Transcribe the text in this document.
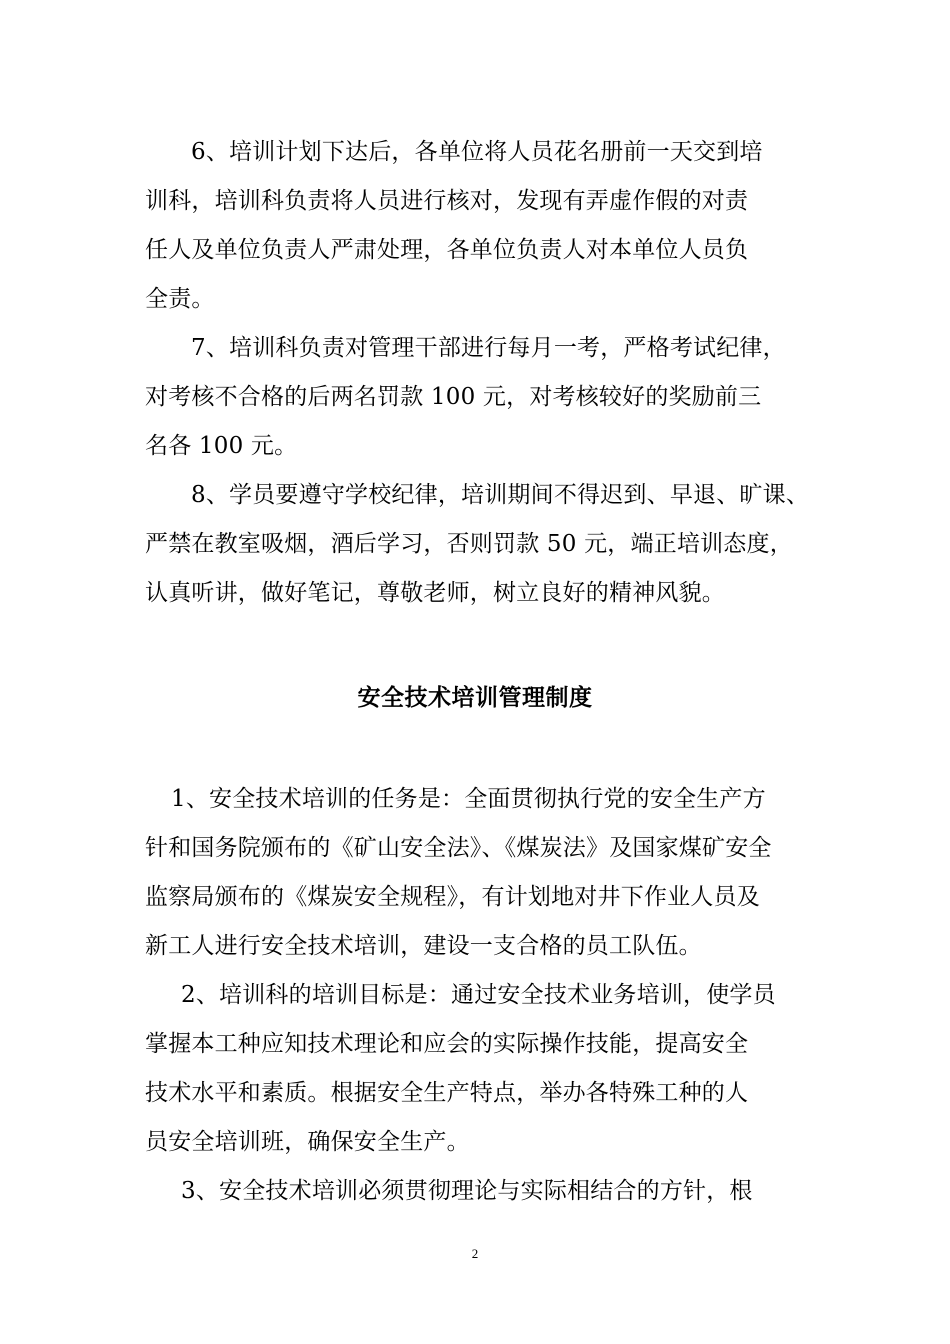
6、培训计划下达后，各单位将人员花名册前一天交到培
训科，培训科负责将人员进行核对，发现有弄虚作假的对责
任人及单位负责人严肃处理，各单位负责人对本单位人员负
全责。

7、培训科负责对管理干部进行每月一考，严格考试纪律，
对考核不合格的后两名罚款 100 元，对考核较好的奖励前三
名各 100 元。

8、学员要遵守学校纪律，培训期间不得迟到、早退、旷课、
严禁在教室吸烟，酒后学习，否则罚款 50 元，端正培训态度，
认真听讲，做好笔记，尊敬老师，树立良好的精神风貌。

安全技术培训管理制度

1、安全技术培训的任务是：全面贯彻执行党的安全生产方
针和国务院颁布的《矿山安全法》、《煤炭法》及国家煤矿安全
监察局颁布的《煤炭安全规程》，有计划地对井下作业人员及
新工人进行安全技术培训，建设一支合格的员工队伍。

2、培训科的培训目标是：通过安全技术业务培训，使学员
掌握本工种应知技术理论和应会的实际操作技能，提高安全
技术水平和素质。根据安全生产特点，举办各特殊工种的人
员安全培训班，确保安全生产。

3、安全技术培训必须贯彻理论与实际相结合的方针，根

2
